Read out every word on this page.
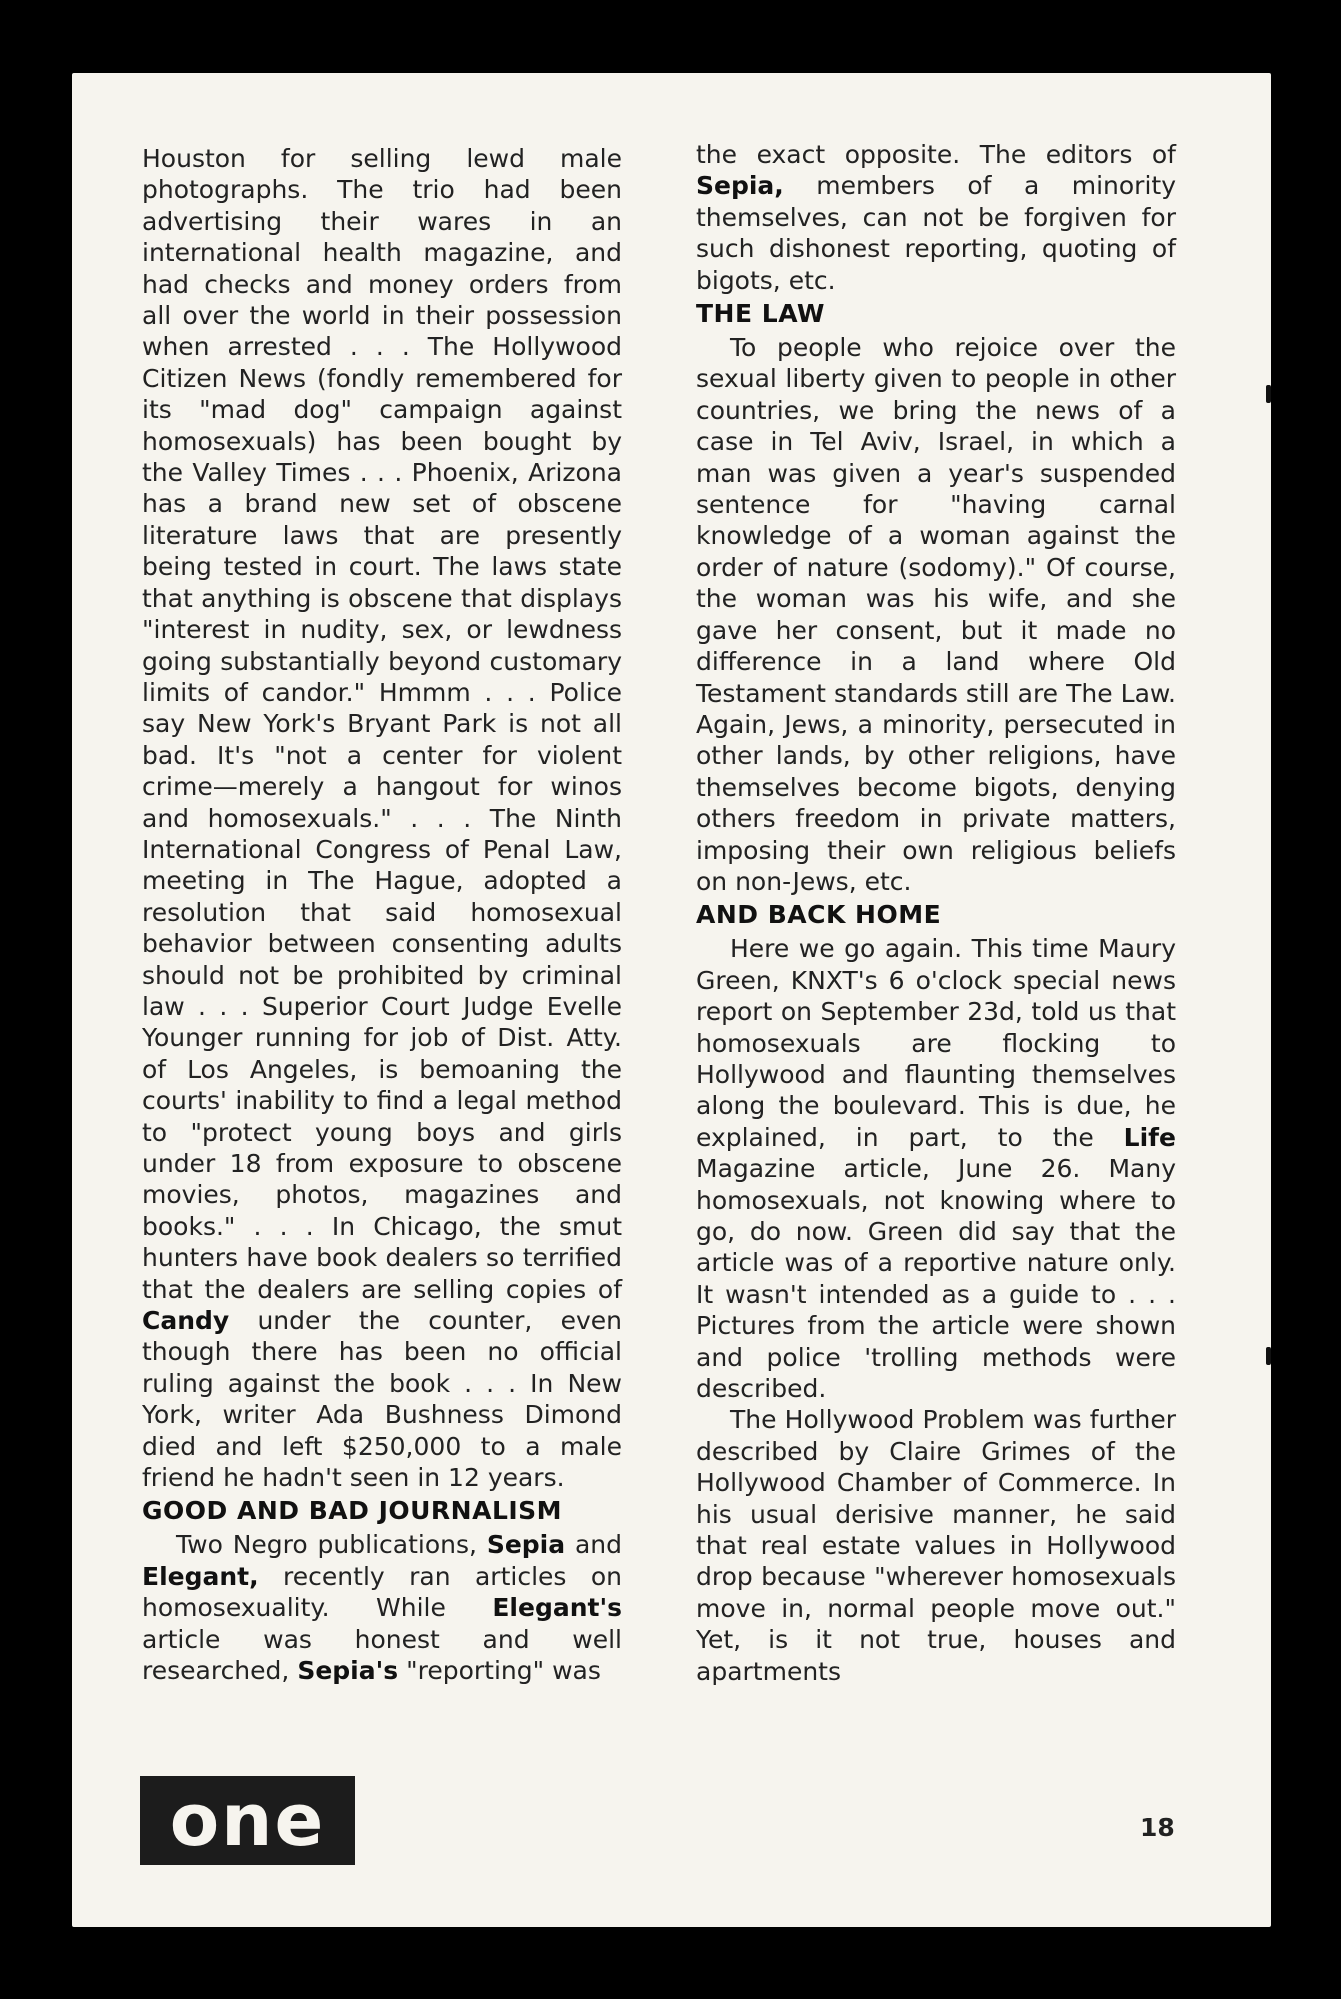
Houston for selling lewd male photographs. The trio had been advertising their wares in an international health magazine, and had checks and money orders from all over the world in their possession when arrested . . . The Hollywood Citizen News (fondly remembered for its "mad dog" campaign against homosexuals) has been bought by the Valley Times . . . Phoenix, Arizona has a brand new set of obscene literature laws that are presently being tested in court. The laws state that anything is obscene that displays "interest in nudity, sex, or lewdness going substantially beyond customary limits of candor." Hmmm . . . Police say New York's Bryant Park is not all bad. It's "not a center for violent crime—merely a hangout for winos and homosexuals." . . . The Ninth International Congress of Penal Law, meeting in The Hague, adopted a resolution that said homosexual behavior between consenting adults should not be prohibited by criminal law . . . Superior Court Judge Evelle Younger running for job of Dist. Atty. of Los Angeles, is bemoaning the courts' inability to find a legal method to "protect young boys and girls under 18 from exposure to obscene movies, photos, magazines and books." . . . In Chicago, the smut hunters have book dealers so terrified that the dealers are selling copies of Candy under the counter, even though there has been no official ruling against the book . . . In New York, writer Ada Bushness Dimond died and left $250,000 to a male friend he hadn't seen in 12 years.

GOOD AND BAD JOURNALISM

Two Negro publications, Sepia and Elegant, recently ran articles on homosexuality. While Elegant's article was honest and well researched, Sepia's "reporting" was

the exact opposite. The editors of Sepia, members of a minority themselves, can not be forgiven for such dishonest reporting, quoting of bigots, etc.

THE LAW

To people who rejoice over the sexual liberty given to people in other countries, we bring the news of a case in Tel Aviv, Israel, in which a man was given a year's suspended sentence for "having carnal knowledge of a woman against the order of nature (sodomy)." Of course, the woman was his wife, and she gave her consent, but it made no difference in a land where Old Testament standards still are The Law. Again, Jews, a minority, persecuted in other lands, by other religions, have themselves become bigots, denying others freedom in private matters, imposing their own religious beliefs on non-Jews, etc.

AND BACK HOME

Here we go again. This time Maury Green, KNXT's 6 o'clock special news report on September 23d, told us that homosexuals are flocking to Hollywood and flaunting themselves along the boulevard. This is due, he explained, in part, to the Life Magazine article, June 26. Many homosexuals, not knowing where to go, do now. Green did say that the article was of a reportive nature only. It wasn't intended as a guide to . . . Pictures from the article were shown and police 'trolling methods were described.

The Hollywood Problem was further described by Claire Grimes of the Hollywood Chamber of Commerce. In his usual derisive manner, he said that real estate values in Hollywood drop because "wherever homosexuals move in, normal people move out." Yet, is it not true, houses and apartments

one	18
